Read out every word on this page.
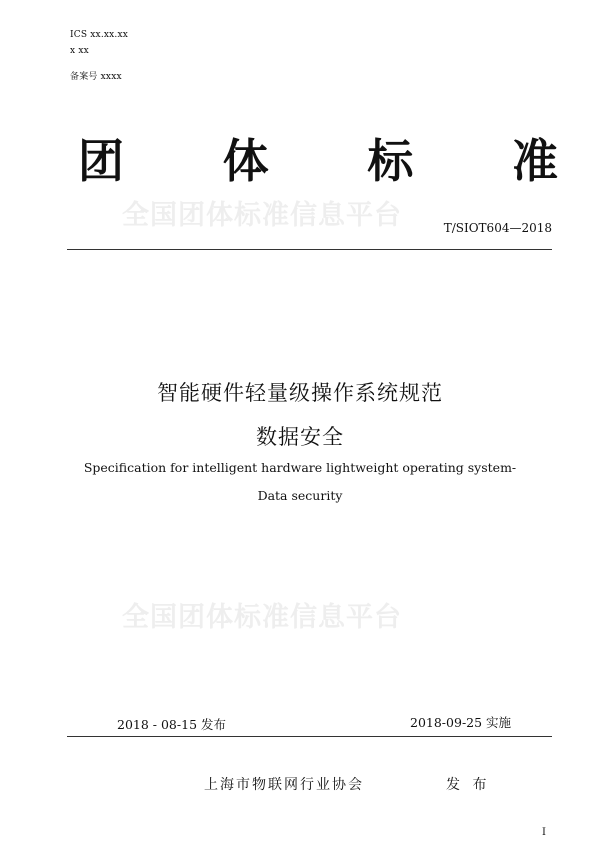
ICS xx.xx.xx
x xx
备案号 xxxx
团 体 标 准
全国团体标准信息平台	T/SIOT604—2018
智能硬件轻量级操作系统规范
数据安全
Specification for intelligent hardware lightweight operating system-
Data security
全国团体标准信息平台
2018 - 08-15 发布	2018-09-25 实施
上海市物联网行业协会	发 布
I
